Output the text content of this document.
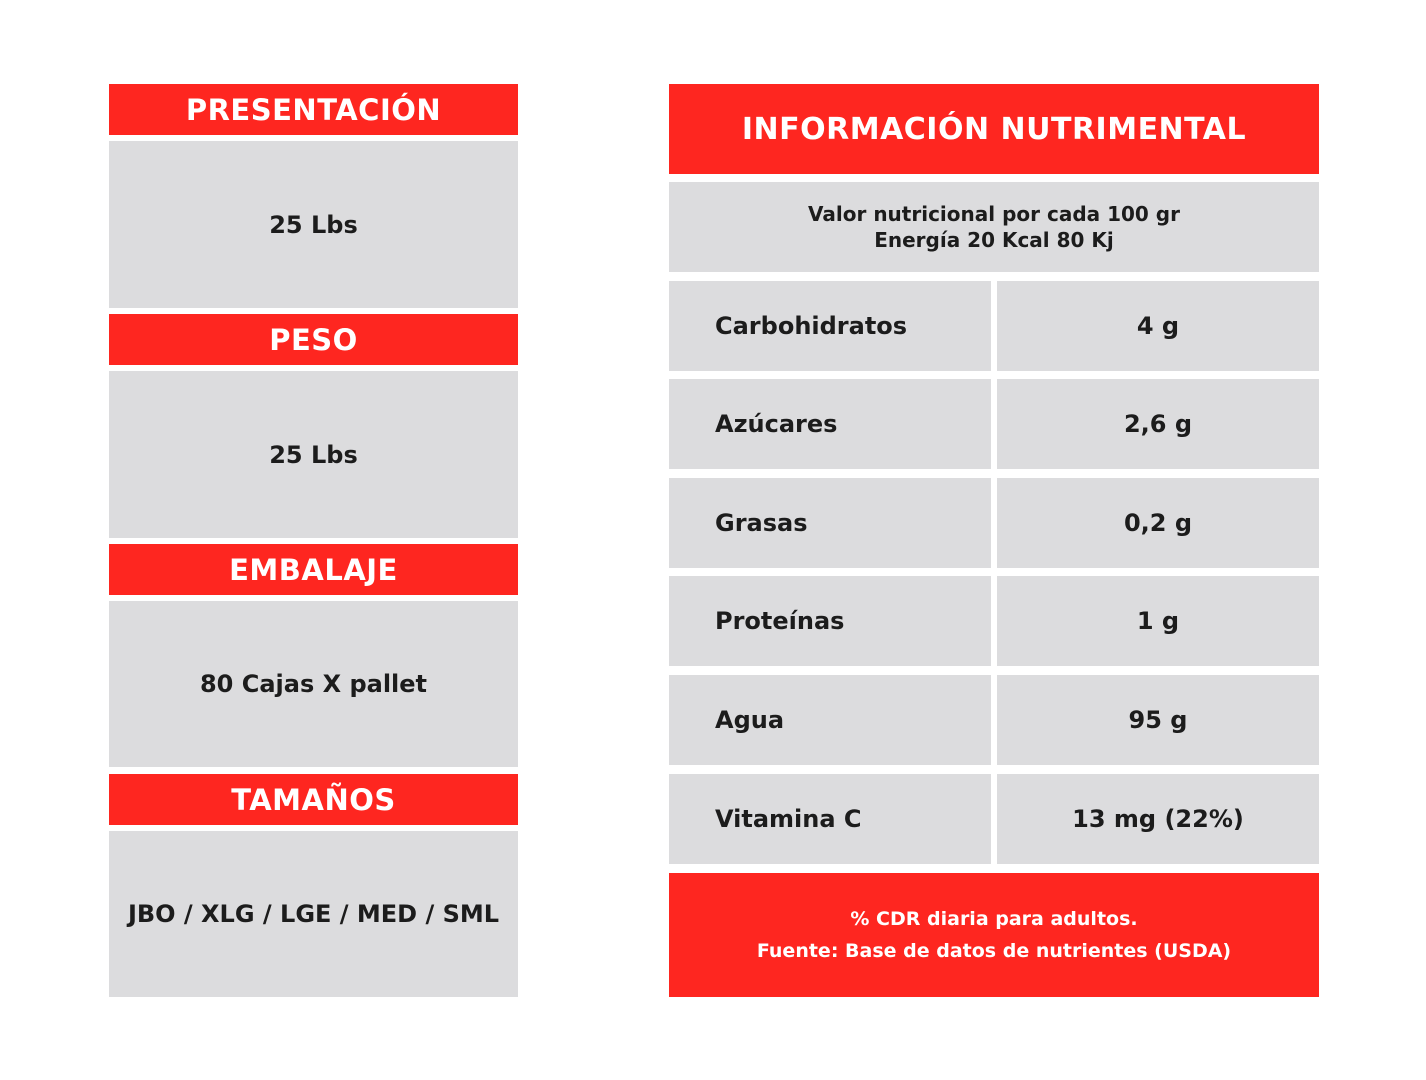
PRESENTACIÓN
25 Lbs
PESO
25 Lbs
EMBALAJE
80 Cajas X pallet
TAMAÑOS
JBO / XLG / LGE / MED / SML
INFORMACIÓN NUTRIMENTAL
Valor nutricional por cada 100 gr
Energía 20 Kcal 80 Kj
Carbohidratos	4 g
Azúcares	2,6 g
Grasas	0,2 g
Proteínas	1 g
Agua	95 g
Vitamina C	13 mg (22%)
% CDR diaria para adultos.
Fuente: Base de datos de nutrientes (USDA)
